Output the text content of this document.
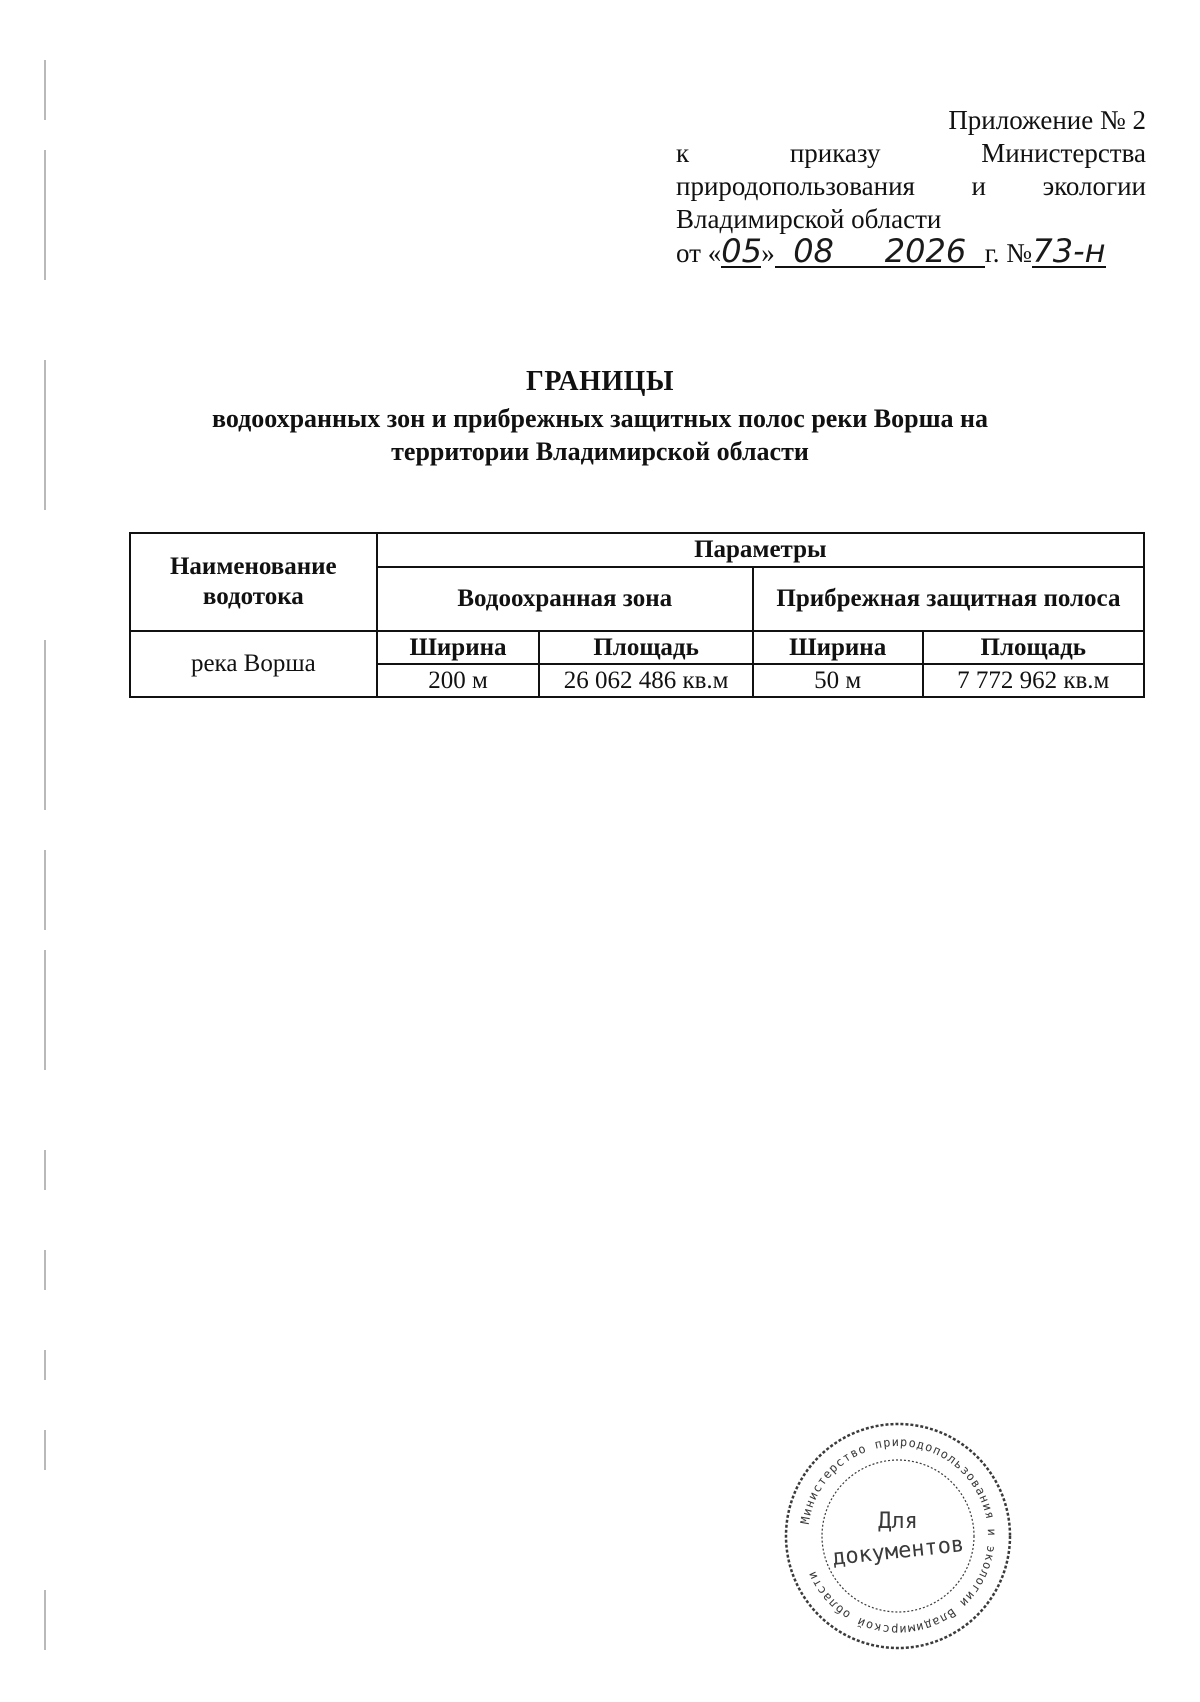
Приложение № 2
к	приказу	Министерства
природопользования и экологии
Владимирской области
от « 05 » 08 2026 г. № 73-н
ГРАНИЦЫ
водоохранных зон и прибрежных защитных полос реки Ворша на
территории Владимирской области
Наименование водотока	Параметры			
	Водоохранная зона		Прибрежная защитная полоса	
река Ворша	Ширина	Площадь	Ширина	Площадь
	200 м	26 062 486 кв.м	50 м	7 772 962 кв.м
Министерство природопользования и экологии Владимирской области
Для
документов
